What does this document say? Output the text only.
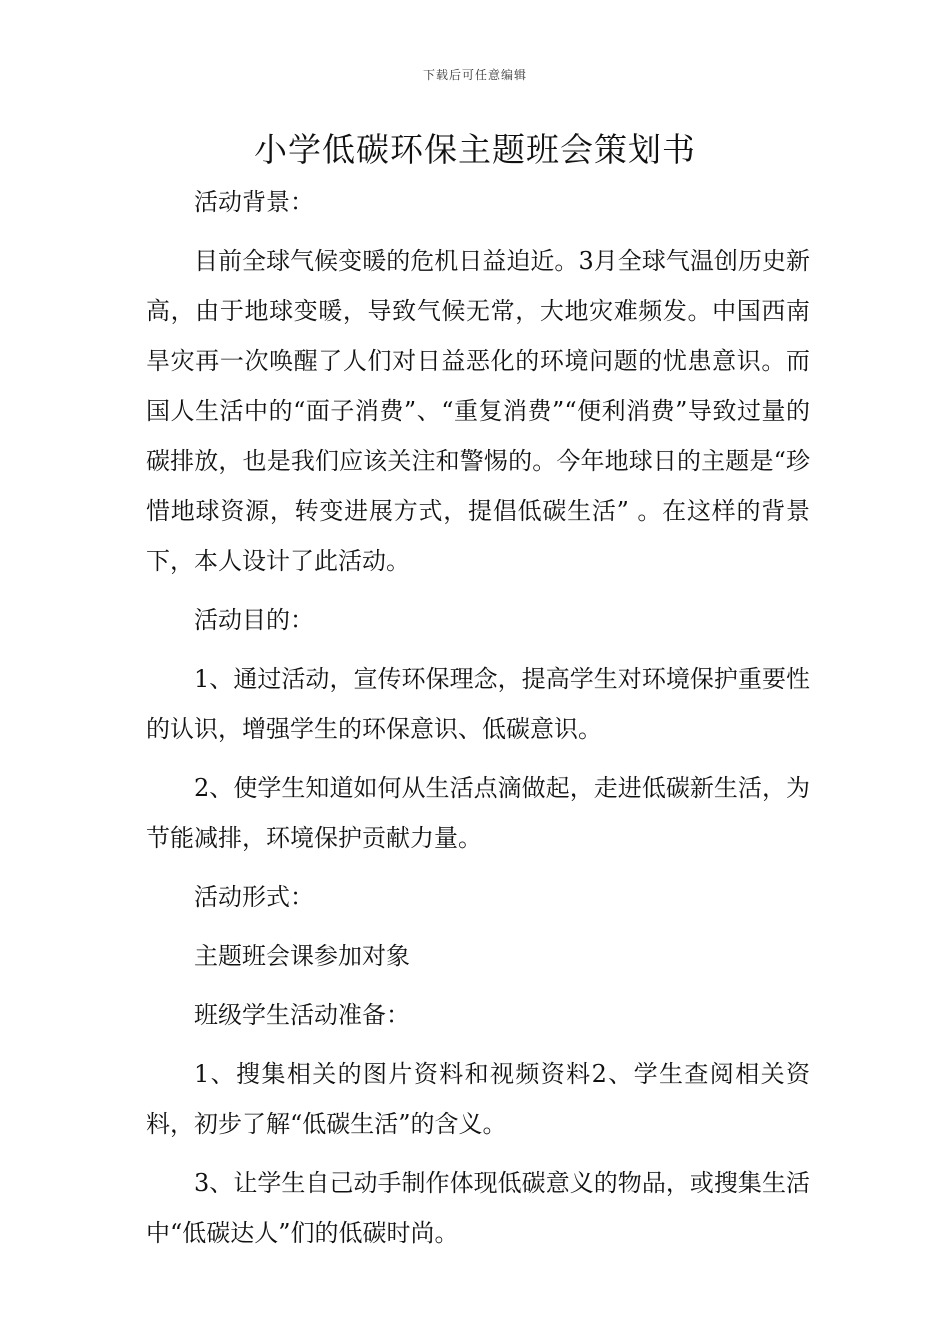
下载后可任意编辑
小学低碳环保主题班会策划书

活动背景：

目前全球气候变暖的危机日益迫近。3月全球气温创历史新高，由于地球变暖，导致气候无常，大地灾难频发。中国西南旱灾再一次唤醒了人们对日益恶化的环境问题的忧患意识。而国人生活中的“面子消费”、“重复消费”“便利消费”导致过量的碳排放，也是我们应该关注和警惕的。今年地球日的主题是“珍惜地球资源，转变进展方式，提倡低碳生活” 。在这样的背景下，本人设计了此活动。

活动目的：

1、通过活动，宣传环保理念，提高学生对环境保护重要性的认识，增强学生的环保意识、低碳意识。

2、使学生知道如何从生活点滴做起，走进低碳新生活，为节能减排，环境保护贡献力量。

活动形式：

主题班会课参加对象

班级学生活动准备：

1、搜集相关的图片资料和视频资料2、学生查阅相关资料，初步了解“低碳生活”的含义。

3、让学生自己动手制作体现低碳意义的物品，或搜集生活中“低碳达人”们的低碳时尚。
